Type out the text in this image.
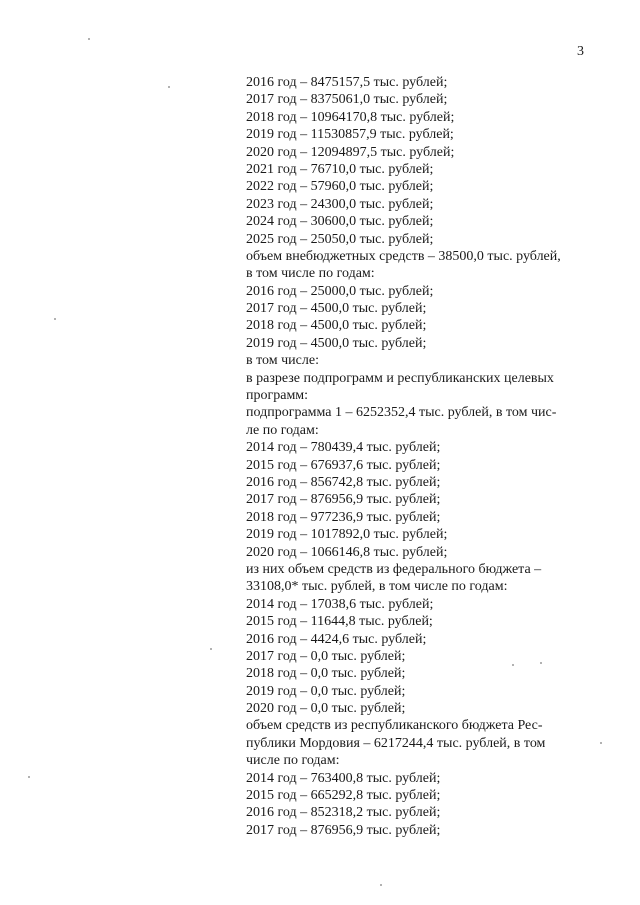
3
2016 год – 8475157,5 тыс. рублей;
2017 год – 8375061,0 тыс. рублей;
2018 год – 10964170,8 тыс. рублей;
2019 год – 11530857,9 тыс. рублей;
2020 год – 12094897,5 тыс. рублей;
2021 год – 76710,0 тыс. рублей;
2022 год – 57960,0 тыс. рублей;
2023 год – 24300,0 тыс. рублей;
2024 год – 30600,0 тыс. рублей;
2025 год – 25050,0 тыс. рублей;
объем внебюджетных средств – 38500,0 тыс. рублей,
в том числе по годам:
2016 год – 25000,0 тыс. рублей;
2017 год – 4500,0 тыс. рублей;
2018 год – 4500,0 тыс. рублей;
2019 год – 4500,0 тыс. рублей;
в том числе:
в разрезе подпрограмм и республиканских целевых
программ:
подпрограмма 1 – 6252352,4 тыс. рублей, в том чис-
ле по годам:
2014 год – 780439,4 тыс. рублей;
2015 год – 676937,6 тыс. рублей;
2016 год – 856742,8 тыс. рублей;
2017 год – 876956,9 тыс. рублей;
2018 год – 977236,9 тыс. рублей;
2019 год – 1017892,0 тыс. рублей;
2020 год – 1066146,8 тыс. рублей;
из них объем средств из федерального бюджета –
33108,0* тыс. рублей, в том числе по годам:
2014 год – 17038,6 тыс. рублей;
2015 год – 11644,8 тыс. рублей;
2016 год – 4424,6 тыс. рублей;
2017 год – 0,0 тыс. рублей;
2018 год – 0,0 тыс. рублей;
2019 год – 0,0 тыс. рублей;
2020 год – 0,0 тыс. рублей;
объем средств из республиканского бюджета Рес-
публики Мордовия – 6217244,4 тыс. рублей, в том
числе по годам:
2014 год – 763400,8 тыс. рублей;
2015 год – 665292,8 тыс. рублей;
2016 год – 852318,2 тыс. рублей;
2017 год – 876956,9 тыс. рублей;
